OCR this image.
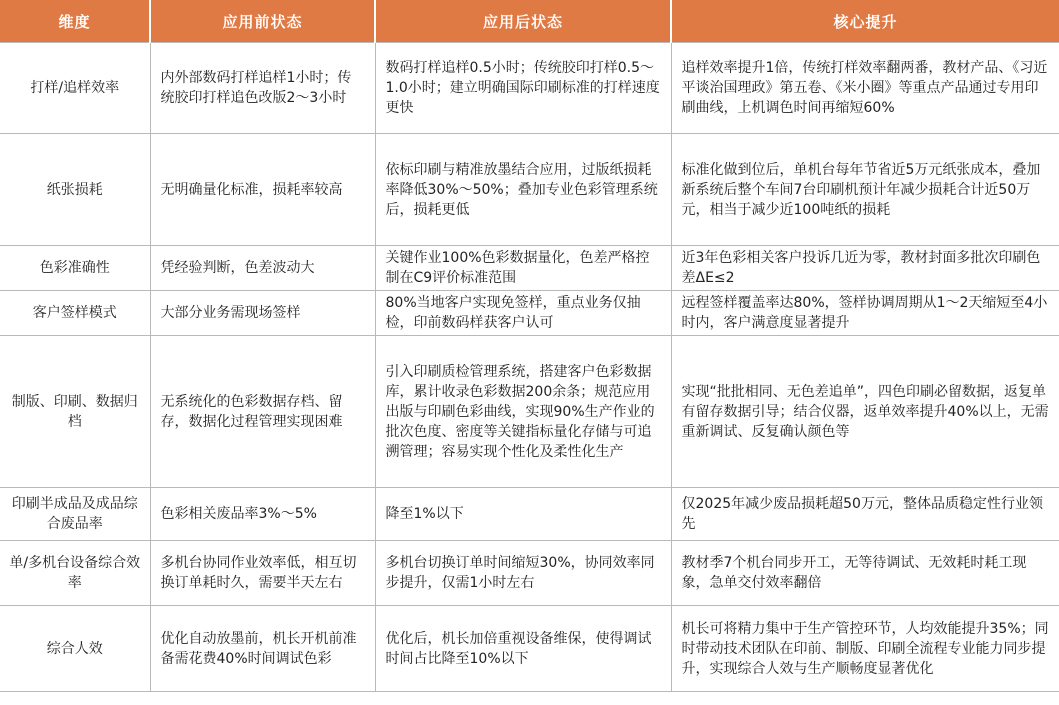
维度	应用前状态	应用后状态	核心提升
打样/追样效率	内外部数码打样追样1小时；传统胶印打样追色改版2～3小时	数码打样追样0.5小时；传统胶印打样0.5～1.0小时；建立明确国际印刷标准的打样速度更快	追样效率提升1倍，传统打样效率翻两番，教材产品、《习近平谈治国理政》第五卷、《米小圈》等重点产品通过专用印刷曲线，上机调色时间再缩短60%
纸张损耗	无明确量化标准，损耗率较高	依标印刷与精准放墨结合应用，过版纸损耗率降低30%～50%；叠加专业色彩管理系统后，损耗更低	标准化做到位后，单机台每年节省近5万元纸张成本，叠加新系统后整个车间7台印刷机预计年减少损耗合计近50万元，相当于减少近100吨纸的损耗
色彩准确性	凭经验判断，色差波动大	关键作业100%色彩数据量化，色差严格控制在C9评价标准范围	近3年色彩相关客户投诉几近为零，教材封面多批次印刷色差ΔE≤2
客户签样模式	大部分业务需现场签样	80%当地客户实现免签样，重点业务仅抽检，印前数码样获客户认可	远程签样覆盖率达80%，签样协调周期从1～2天缩短至4小时内，客户满意度显著提升
制版、印刷、数据归档	无系统化的色彩数据存档、留存，数据化过程管理实现困难	引入印刷质检管理系统，搭建客户色彩数据库，累计收录色彩数据200余条；规范应用出版与印刷色彩曲线，实现90%生产作业的批次色度、密度等关键指标量化存储与可追溯管理；容易实现个性化及柔性化生产	实现“批批相同、无色差追单”，四色印刷必留数据，返复单有留存数据引导；结合仪器，返单效率提升40%以上，无需重新调试、反复确认颜色等
印刷半成品及成品综合废品率	色彩相关废品率3%～5%	降至1%以下	仅2025年减少废品损耗超50万元，整体品质稳定性行业领先
单/多机台设备综合效率	多机台协同作业效率低，相互切换订单耗时久，需要半天左右	多机台切换订单时间缩短30%，协同效率同步提升，仅需1小时左右	教材季7个机台同步开工，无等待调试、无效耗时耗工现象，急单交付效率翻倍
综合人效	优化自动放墨前，机长开机前准备需花费40%时间调试色彩	优化后，机长加倍重视设备维保，使得调试时间占比降至10%以下	机长可将精力集中于生产管控环节，人均效能提升35%；同时带动技术团队在印前、制版、印刷全流程专业能力同步提升，实现综合人效与生产顺畅度显著优化
